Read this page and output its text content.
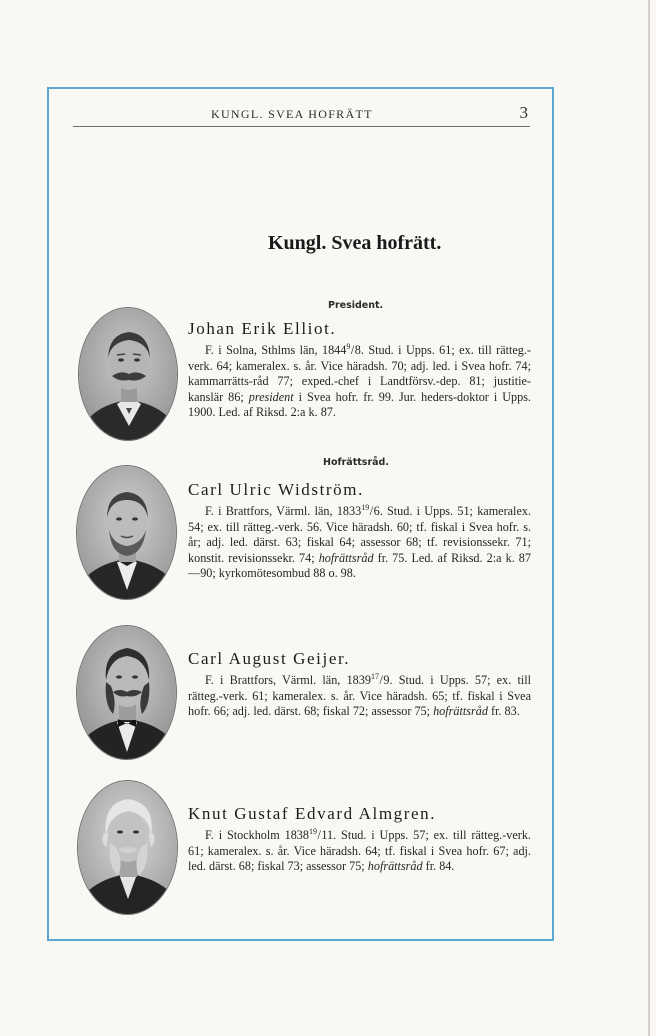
KUNGL. SVEA HOFRÄTT	3
Kungl. Svea hofrätt.
President.
Hofrättsråd.
Johan Erik Elliot.

F. i Solna, Sthlms län, 1844$^9$/8. Stud. i Upps. 61; ex. till rätteg.-verk. 64; kameralex. s. år. Vice häradsh. 70; adj. led. i Svea hofr. 74; kammarrätts-råd 77; exped.-chef i Landtförsv.-dep. 81; justitie-kanslär 86; president i Svea hofr. fr. 99. Jur. heders-doktor i Upps. 1900. Led. af Riksd. 2:a k. 87.

Carl Ulric Widström.

F. i Brattfors, Värml. län, 1833$^{19}$/6. Stud. i Upps. 51; kameralex. 54; ex. till rätteg.-verk. 56. Vice häradsh. 60; tf. fiskal i Svea hofr. s. år; adj. led. därst. 63; fiskal 64; assessor 68; tf. revisionssekr. 71; konstit. revisionssekr. 74; hofrättsråd fr. 75. Led. af Riksd. 2:a k. 87—90; kyrkomötesombud 88 o. 98.

Carl August Geijer.

F. i Brattfors, Värml. län, 1839$^{17}$/9. Stud. i Upps. 57; ex. till rätteg.-verk. 61; kameralex. s. år. Vice häradsh. 65; tf. fiskal i Svea hofr. 66; adj. led. därst. 68; fiskal 72; assessor 75; hofrättsråd fr. 83.

Knut Gustaf Edvard Almgren.

F. i Stockholm 1838$^{19}$/11. Stud. i Upps. 57; ex. till rätteg.-verk. 61; kameralex. s. år. Vice häradsh. 64; tf. fiskal i Svea hofr. 67; adj. led. därst. 68; fiskal 73; assessor 75; hofrättsråd fr. 84.
